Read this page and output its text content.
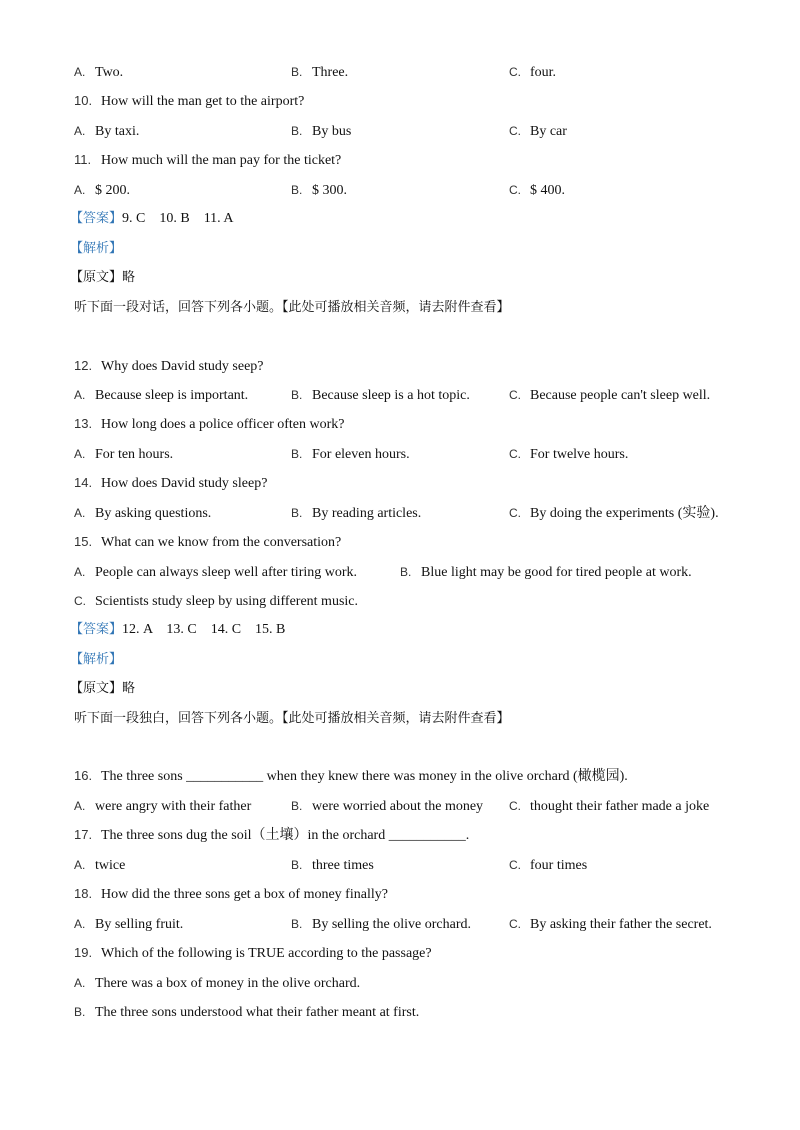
A. Two.	B. Three.	C. four.
10. How will the man get to the airport?
A. By taxi.	B. By bus	C. By car
11. How much will the man pay for the ticket?
A. $ 200.	B. $ 300.	C. $ 400.
【答案】9. C    10. B    11. A
【解析】
【原文】略
听下面一段对话，回答下列各小题。【此处可播放相关音频，请去附件查看】
12. Why does David study seep?
A. Because sleep is important.	B. Because sleep is a hot topic.	C. Because people can't sleep well.
13. How long does a police officer often work?
A. For ten hours.	B. For eleven hours.	C. For twelve hours.
14. How does David study sleep?
A. By asking questions.	B. By reading articles.	C. By doing the experiments (实验).
15. What can we know from the conversation?
A. People can always sleep well after tiring work.	B. Blue light may be good for tired people at work.
C. Scientists study sleep by using different music.
【答案】12. A    13. C    14. C    15. B
【解析】
【原文】略
听下面一段独白，回答下列各小题。【此处可播放相关音频，请去附件查看】
16. The three sons ___________ when they knew there was money in the olive orchard (橄榄园).
A. were angry with their father	B. were worried about the money C. thought their father made a joke
17. The three sons dug the soil（土壤）in the orchard ___________.
A. twice	B. three times	C. four times
18. How did the three sons get a box of money finally?
A. By selling fruit.	B. By selling the olive orchard.	C. By asking their father the secret.
19. Which of the following is TRUE according to the passage?
A. There was a box of money in the olive orchard.
B. The three sons understood what their father meant at first.
